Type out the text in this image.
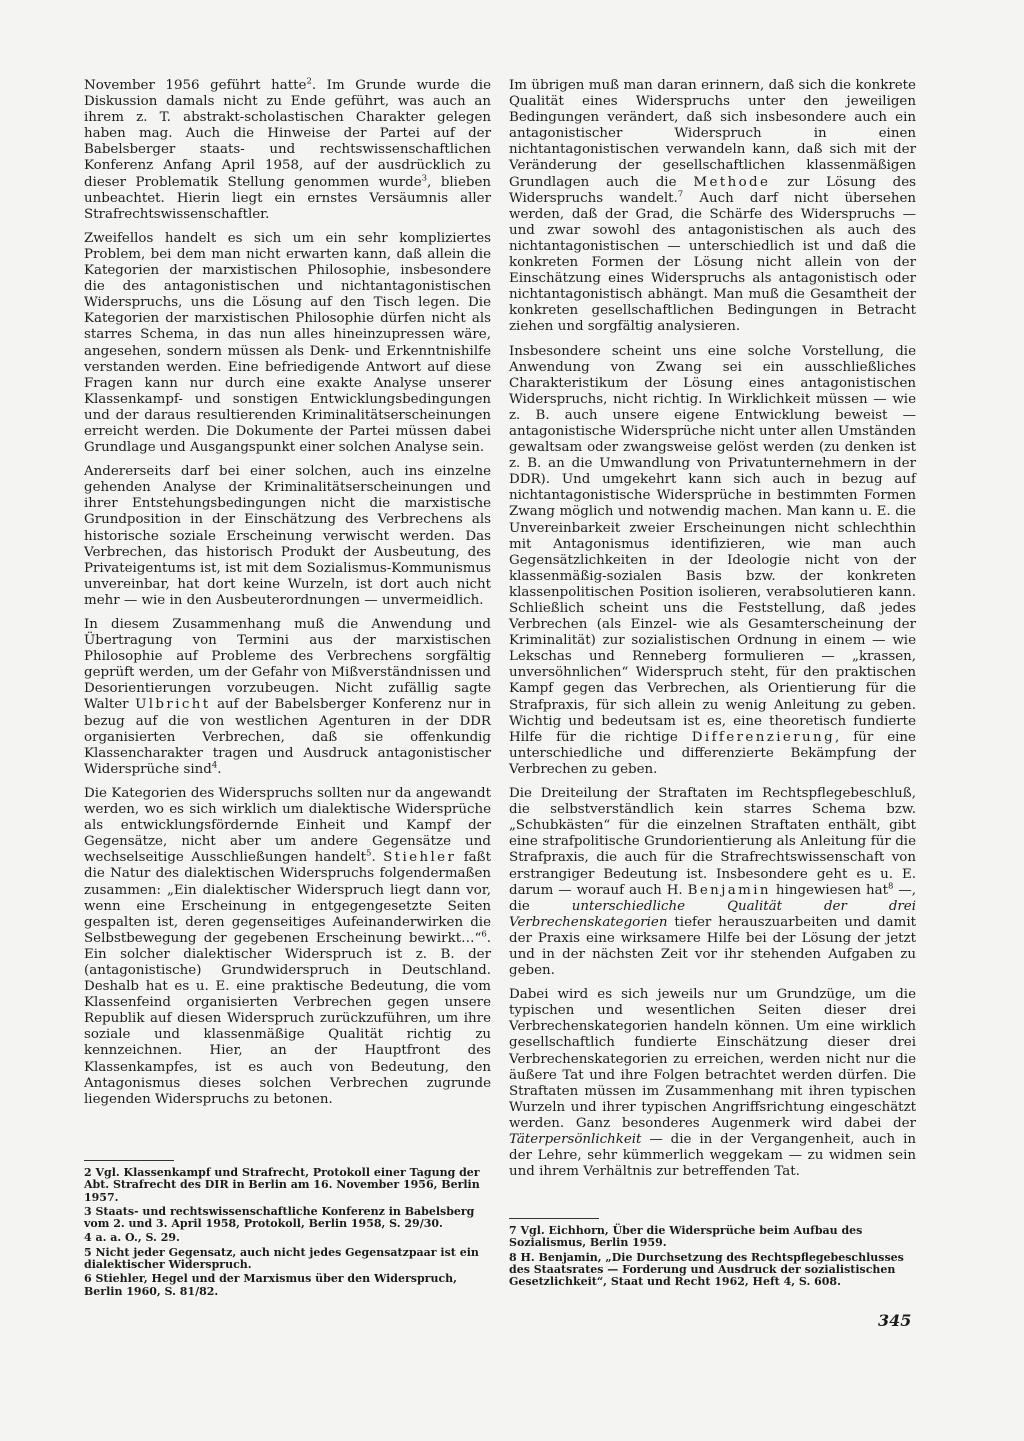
November 1956 geführt hatte$^2$. Im Grunde wurde die Diskussion damals nicht zu Ende geführt, was auch an ihrem z. T. abstrakt-scholastischen Charakter gelegen haben mag. Auch die Hinweise der Partei auf der Babelsberger staats- und rechtswissenschaftlichen Konferenz Anfang April 1958, auf der ausdrücklich zu dieser Problematik Stellung genommen wurde$^3$, blieben unbeachtet. Hierin liegt ein ernstes Versäumnis aller Strafrechtswissenschaftler.

Zweifellos handelt es sich um ein sehr kompliziertes Problem, bei dem man nicht erwarten kann, daß allein die Kategorien der marxistischen Philosophie, insbesondere die des antagonistischen und nichtantagonistischen Widerspruchs, uns die Lösung auf den Tisch legen. Die Kategorien der marxistischen Philosophie dürfen nicht als starres Schema, in das nun alles hineinzupressen wäre, angesehen, sondern müssen als Denk- und Erkenntnishilfe verstanden werden. Eine befriedigende Antwort auf diese Fragen kann nur durch eine exakte Analyse unserer Klassenkampf- und sonstigen Entwicklungsbedingungen und der daraus resultierenden Kriminalitätserscheinungen erreicht werden. Die Dokumente der Partei müssen dabei Grundlage und Ausgangspunkt einer solchen Analyse sein.

Andererseits darf bei einer solchen, auch ins einzelne gehenden Analyse der Kriminalitätserscheinungen und ihrer Entstehungsbedingungen nicht die marxistische Grundposition in der Einschätzung des Verbrechens als historische soziale Erscheinung verwischt werden. Das Verbrechen, das historisch Produkt der Ausbeutung, des Privateigentums ist, ist mit dem Sozialismus-Kommunismus unvereinbar, hat dort keine Wurzeln, ist dort auch nicht mehr — wie in den Ausbeuterordnungen — unvermeidlich.

In diesem Zusammenhang muß die Anwendung und Übertragung von Termini aus der marxistischen Philosophie auf Probleme des Verbrechens sorgfältig geprüft werden, um der Gefahr von Mißverständnissen und Desorientierungen vorzubeugen. Nicht zufällig sagte Walter Ulbricht auf der Babelsberger Konferenz nur in bezug auf die von westlichen Agenturen in der DDR organisierten Verbrechen, daß sie offenkundig Klassencharakter tragen und Ausdruck antagonistischer Widersprüche sind$^4$.

Die Kategorien des Widerspruchs sollten nur da angewandt werden, wo es sich wirklich um dialektische Widersprüche als entwicklungsfördernde Einheit und Kampf der Gegensätze, nicht aber um andere Gegensätze und wechselseitige Ausschließungen handelt$^5$. Stiehler faßt die Natur des dialektischen Widerspruchs folgendermaßen zusammen: „Ein dialektischer Widerspruch liegt dann vor, wenn eine Erscheinung in entgegengesetzte Seiten gespalten ist, deren gegenseitiges Aufeinanderwirken die Selbstbewegung der gegebenen Erscheinung bewirkt…“$^6$. Ein solcher dialektischer Widerspruch ist z. B. der (antagonistische) Grundwiderspruch in Deutschland. Deshalb hat es u. E. eine praktische Bedeutung, die vom Klassenfeind organisierten Verbrechen gegen unsere Republik auf diesen Widerspruch zurückzuführen, um ihre soziale und klassenmäßige Qualität richtig zu kennzeichnen. Hier, an der Hauptfront des Klassenkampfes, ist es auch von Bedeutung, den Antagonismus dieses solchen Verbrechen zugrunde liegenden Widerspruchs zu betonen.

Im übrigen muß man daran erinnern, daß sich die konkrete Qualität eines Widerspruchs unter den jeweiligen Bedingungen verändert, daß sich insbesondere auch ein antagonistischer Widerspruch in einen nichtantagonistischen verwandeln kann, daß sich mit der Veränderung der gesellschaftlichen klassenmäßigen Grundlagen auch die Methode zur Lösung des Widerspruchs wandelt.$^7$ Auch darf nicht übersehen werden, daß der Grad, die Schärfe des Widerspruchs — und zwar sowohl des antagonistischen als auch des nichtantagonistischen — unterschiedlich ist und daß die konkreten Formen der Lösung nicht allein von der Einschätzung eines Widerspruchs als antagonistisch oder nichtantagonistisch abhängt. Man muß die Gesamtheit der konkreten gesellschaftlichen Bedingungen in Betracht ziehen und sorgfältig analysieren.

Insbesondere scheint uns eine solche Vorstellung, die Anwendung von Zwang sei ein ausschließliches Charakteristikum der Lösung eines antagonistischen Widerspruchs, nicht richtig. In Wirklichkeit müssen — wie z. B. auch unsere eigene Entwicklung beweist — antagonistische Widersprüche nicht unter allen Umständen gewaltsam oder zwangsweise gelöst werden (zu denken ist z. B. an die Umwandlung von Privatunternehmern in der DDR). Und umgekehrt kann sich auch in bezug auf nichtantagonistische Widersprüche in bestimmten Formen Zwang möglich und notwendig machen. Man kann u. E. die Unvereinbarkeit zweier Erscheinungen nicht schlechthin mit Antagonismus identifizieren, wie man auch Gegensätzlichkeiten in der Ideologie nicht von der klassenmäßig-sozialen Basis bzw. der konkreten klassenpolitischen Position isolieren, verabsolutieren kann. Schließlich scheint uns die Feststellung, daß jedes Verbrechen (als Einzel- wie als Gesamterscheinung der Kriminalität) zur sozialistischen Ordnung in einem — wie Lekschas und Renneberg formulieren — „krassen, unversöhnlichen“ Widerspruch steht, für den praktischen Kampf gegen das Verbrechen, als Orientierung für die Strafpraxis, für sich allein zu wenig Anleitung zu geben. Wichtig und bedeutsam ist es, eine theoretisch fundierte Hilfe für die richtige Differenzierung, für eine unterschiedliche und differenzierte Bekämpfung der Verbrechen zu geben.

Die Dreiteilung der Straftaten im Rechtspflegebeschluß, die selbstverständlich kein starres Schema bzw. „Schubkästen“ für die einzelnen Straftaten enthält, gibt eine strafpolitische Grundorientierung als Anleitung für die Strafpraxis, die auch für die Strafrechtswissenschaft von erstrangiger Bedeutung ist. Insbesondere geht es u. E. darum — worauf auch H. Benjamin hingewiesen hat$^8$ —, die unterschiedliche Qualität der drei Verbrechenskategorien tiefer herauszuarbeiten und damit der Praxis eine wirksamere Hilfe bei der Lösung der jetzt und in der nächsten Zeit vor ihr stehenden Aufgaben zu geben.

Dabei wird es sich jeweils nur um Grundzüge, um die typischen und wesentlichen Seiten dieser drei Verbrechenskategorien handeln können. Um eine wirklich gesellschaftlich fundierte Einschätzung dieser drei Verbrechenskategorien zu erreichen, werden nicht nur die äußere Tat und ihre Folgen betrachtet werden dürfen. Die Straftaten müssen im Zusammenhang mit ihren typischen Wurzeln und ihrer typischen Angriffsrichtung eingeschätzt werden. Ganz besonderes Augenmerk wird dabei der Täterpersönlichkeit — die in der Vergangenheit, auch in der Lehre, sehr kümmerlich weggekam — zu widmen sein und ihrem Verhältnis zur betreffenden Tat.

2 Vgl. Klassenkampf und Strafrecht, Protokoll einer Tagung der Abt. Strafrecht des DIR in Berlin am 16. November 1956, Berlin 1957.

3 Staats- und rechtswissenschaftliche Konferenz in Babelsberg vom 2. und 3. April 1958, Protokoll, Berlin 1958, S. 29/30.

4 a. a. O., S. 29.

5 Nicht jeder Gegensatz, auch nicht jedes Gegensatzpaar ist ein dialektischer Widerspruch.

6 Stiehler, Hegel und der Marxismus über den Widerspruch, Berlin 1960, S. 81/82.

7 Vgl. Eichhorn, Über die Widersprüche beim Aufbau des Sozialismus, Berlin 1959.

8 H. Benjamin, „Die Durchsetzung des Rechtspflegebeschlusses des Staatsrates — Forderung und Ausdruck der sozialistischen Gesetzlichkeit“, Staat und Recht 1962, Heft 4, S. 608.

345
